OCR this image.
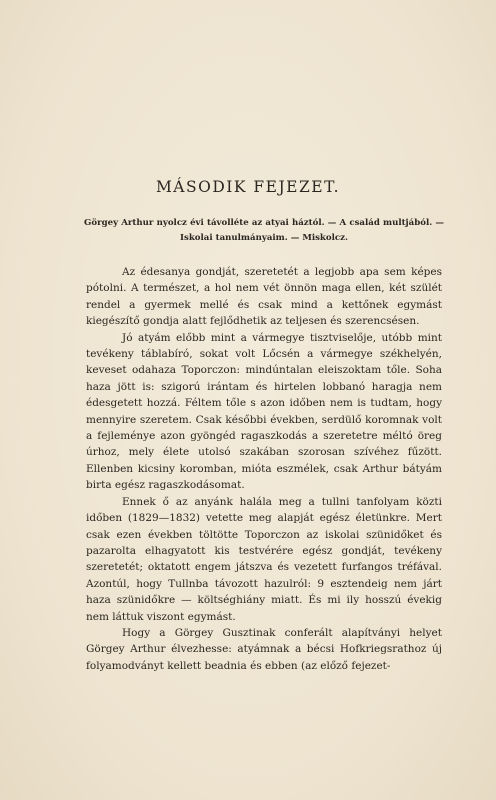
MÁSODIK FEJEZET.
Görgey Arthur nyolcz évi távolléte az atyai háztól. — A család multjából. — Iskolai tanulmányaim. — Miskolcz.

Az édesanya gondját, szeretetét a legjobb apa sem képes pótolni. A természet, a hol nem vét önnön maga ellen, két szülét rendel a gyermek mellé és csak mind a kettőnek egymást kiegészítő gondja alatt fejlődhetik az teljesen és szerencsésen.

Jó atyám előbb mint a vármegye tisztviselője, utóbb mint tevékeny táblabíró, sokat volt Lőcsén a vármegye székhelyén, keveset odahaza Toporczon: mindúntalan eleiszoktam tőle. Soha haza jött is: szigorú irántam és hirtelen lobbanó haragja nem édesgetett hozzá. Féltem tőle s azon időben nem is tudtam, hogy mennyire szeretem. Csak későbbi években, serdülő koromnak volt a fejleménye azon gyöngéd ragaszkodás a szeretetre méltó öreg úrhoz, mely élete utolsó szakában szorosan szívéhez fűzött. Ellenben kicsiny koromban, mióta eszmélek, csak Arthur bátyám birta egész ragaszkodásomat.

Ennek ő az anyánk halála meg a tullni tanfolyam közti időben (1829—1832) vetette meg alapját egész életünkre. Mert csak ezen években töltötte Toporczon az iskolai szünidőket és pazarolta elhagyatott kis testvérére egész gondját, tevékeny szeretetét; oktatott engem játszva és vezetett furfangos tréfával. Azontúl, hogy Tullnba távozott hazulról: 9 esztendeig nem járt haza szünidőkre — költséghiány miatt. És mi ily hosszú évekig nem láttuk viszont egymást.

Hogy a Görgey Gusztinak conferált alapítványi helyet Görgey Arthur élvezhesse: atyámnak a bécsi Hofkriegsrathoz új folyamodványt kellett beadnia és ebben (az előző fejezet-
